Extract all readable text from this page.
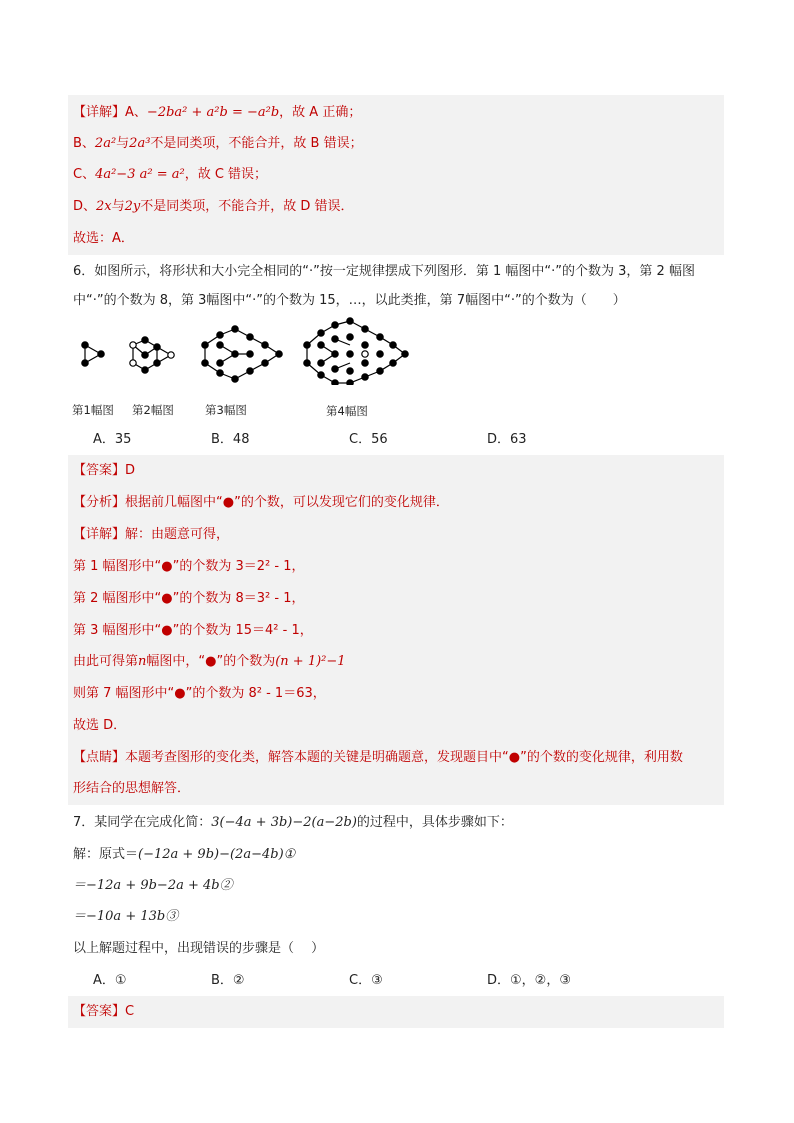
【详解】A、−2ba² + a²b = −a²b，故 A 正确；
B、2a²与2a³不是同类项，不能合并，故 B 错误；
C、4a²−3 a² = a²，故 C 错误；
D、2x与2y不是同类项，不能合并，故 D 错误．
故选：A．
6．如图所示，将形状和大小完全相同的“·”按一定规律摆成下列图形．第 1 幅图中“·”的个数为 3，第 2 幅图
中“·”的个数为 8，第 3幅图中“·”的个数为 15，…，以此类推，第 7幅图中“·”的个数为（　　）
第1幅图 第2幅图	第3幅图	第4幅图
A．35	B．48	C．56	D．63
【答案】D
【分析】根据前几幅图中“●”的个数，可以发现它们的变化规律．
【详解】解：由题意可得，
第 1 幅图形中“●”的个数为 3＝2² - 1，
第 2 幅图形中“●”的个数为 8＝3² - 1，
第 3 幅图形中“●”的个数为 15＝4² - 1，
由此可得第n幅图中，“●”的个数为(n + 1)²−1
则第 7 幅图形中“●”的个数为 8² - 1＝63，
故选 D．
【点睛】本题考查图形的变化类，解答本题的关键是明确题意，发现题目中“●”的个数的变化规律，利用数
形结合的思想解答．
7．某同学在完成化简：3(−4a + 3b)−2(a−2b)的过程中，具体步骤如下：
解：原式＝(−12a + 9b)−(2a−4b)①
＝−12a + 9b−2a + 4b②
＝−10a + 13b③
以上解题过程中，出现错误的步骤是（　 ）
A．①	B．②	C．③	D．①，②，③
【答案】C
